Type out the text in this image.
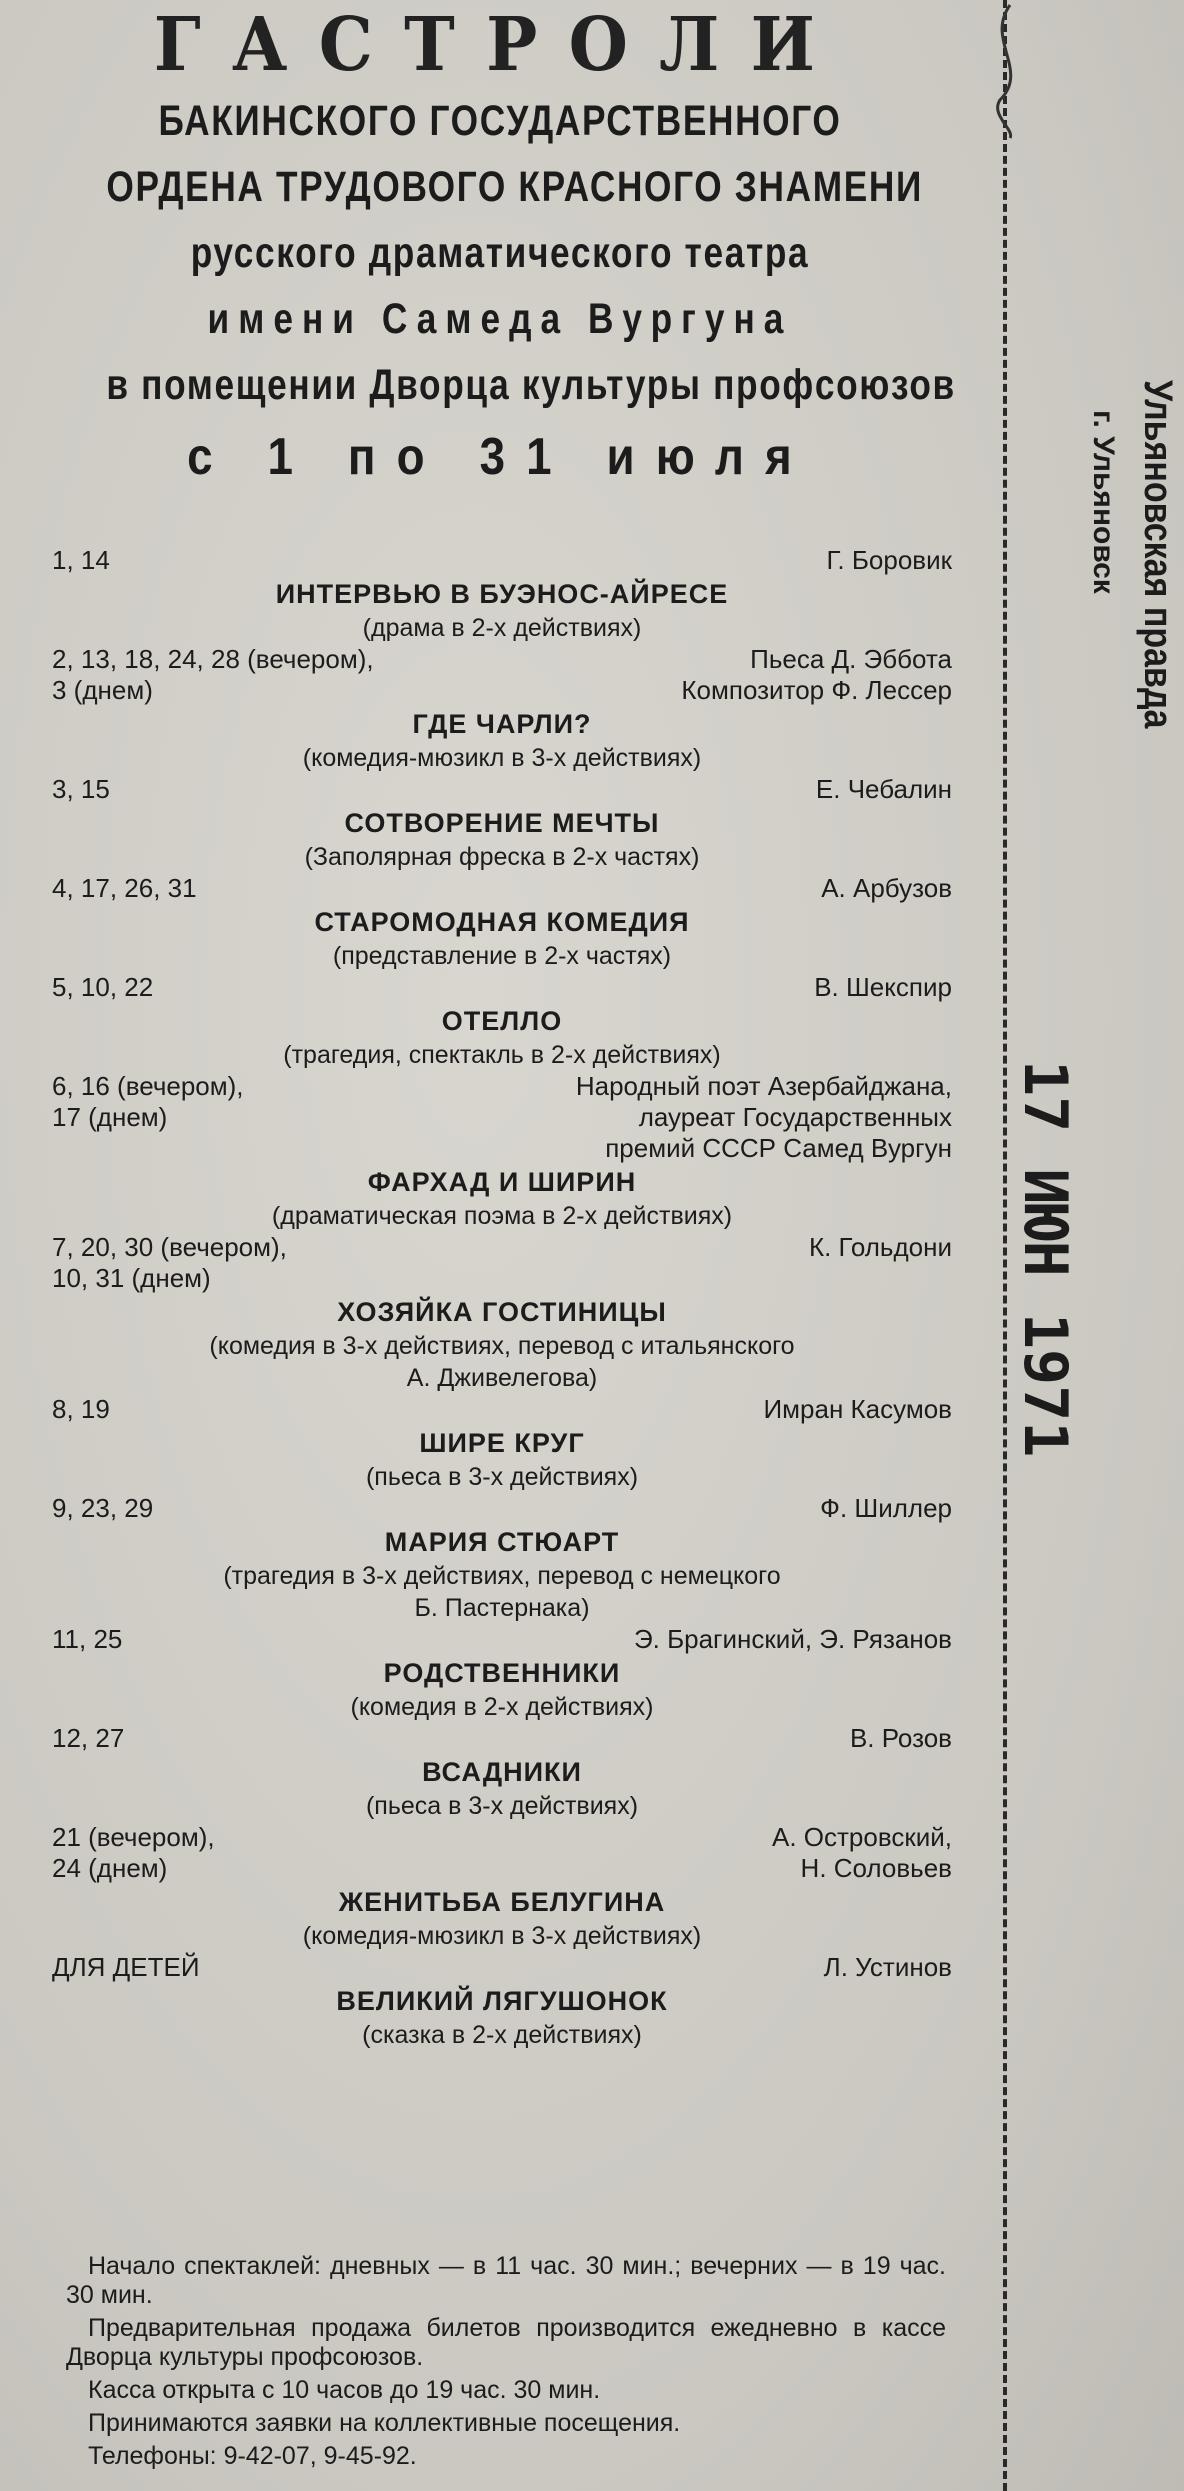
ГАСТРОЛИ
БАКИНСКОГО ГОСУДАРСТВЕННОГО
ОРДЕНА ТРУДОВОГО КРАСНОГО ЗНАМЕНИ
русского драматического театра
имени Самеда Вургуна
в помещении Дворца культуры профсоюзов
с 1 по 31 июля
1, 14	Г. Боровик
ИНТЕРВЬЮ В БУЭНОС-АЙРЕСЕ
(драма в 2-х действиях)
2, 13, 18, 24, 28 (вечером),	Пьеса Д. Эббота
3 (днем)	Композитор Ф. Лессер
ГДЕ ЧАРЛИ?
(комедия-мюзикл в 3-х действиях)
3, 15	Е. Чебалин
СОТВОРЕНИЕ МЕЧТЫ
(Заполярная фреска в 2-х частях)
4, 17, 26, 31	А. Арбузов
СТАРОМОДНАЯ КОМЕДИЯ
(представление в 2-х частях)
5, 10, 22	В. Шекспир
ОТЕЛЛО
(трагедия, спектакль в 2-х действиях)
6, 16 (вечером),	Народный поэт Азербайджана,
17 (днем)	лауреат Государственных
премий СССР Самед Вургун
ФАРХАД И ШИРИН
(драматическая поэма в 2-х действиях)
7, 20, 30 (вечером),	К. Гольдони
10, 31 (днем)
ХОЗЯЙКА ГОСТИНИЦЫ
(комедия в 3-х действиях, перевод с итальянского
А. Дживелегова)
8, 19	Имран Касумов
ШИРЕ КРУГ
(пьеса в 3-х действиях)
9, 23, 29	Ф. Шиллер
МАРИЯ СТЮАРТ
(трагедия в 3-х действиях, перевод с немецкого
Б. Пастернака)
11, 25	Э. Брагинский, Э. Рязанов
РОДСТВЕННИКИ
(комедия в 2-х действиях)
12, 27	В. Розов
ВСАДНИКИ
(пьеса в 3-х действиях)
21 (вечером),	А. Островский,
24 (днем)	Н. Соловьев
ЖЕНИТЬБА БЕЛУГИНА
(комедия-мюзикл в 3-х действиях)
ДЛЯ ДЕТЕЙ	Л. Устинов
ВЕЛИКИЙ ЛЯГУШОНОК
(сказка в 2-х действиях)

Начало спектаклей: дневных — в 11 час. 30 мин.; вечерних — в 19 час. 30 мин.

Предварительная продажа билетов производится ежедневно в кассе Дворца культуры профсоюзов.

Касса открыта с 10 часов до 19 час. 30 мин.

Принимаются заявки на коллективные посещения.

Телефоны: 9-42-07, 9-45-92.

Ульяновская правда
г. Ульяновск
17 ИЮН 1971
